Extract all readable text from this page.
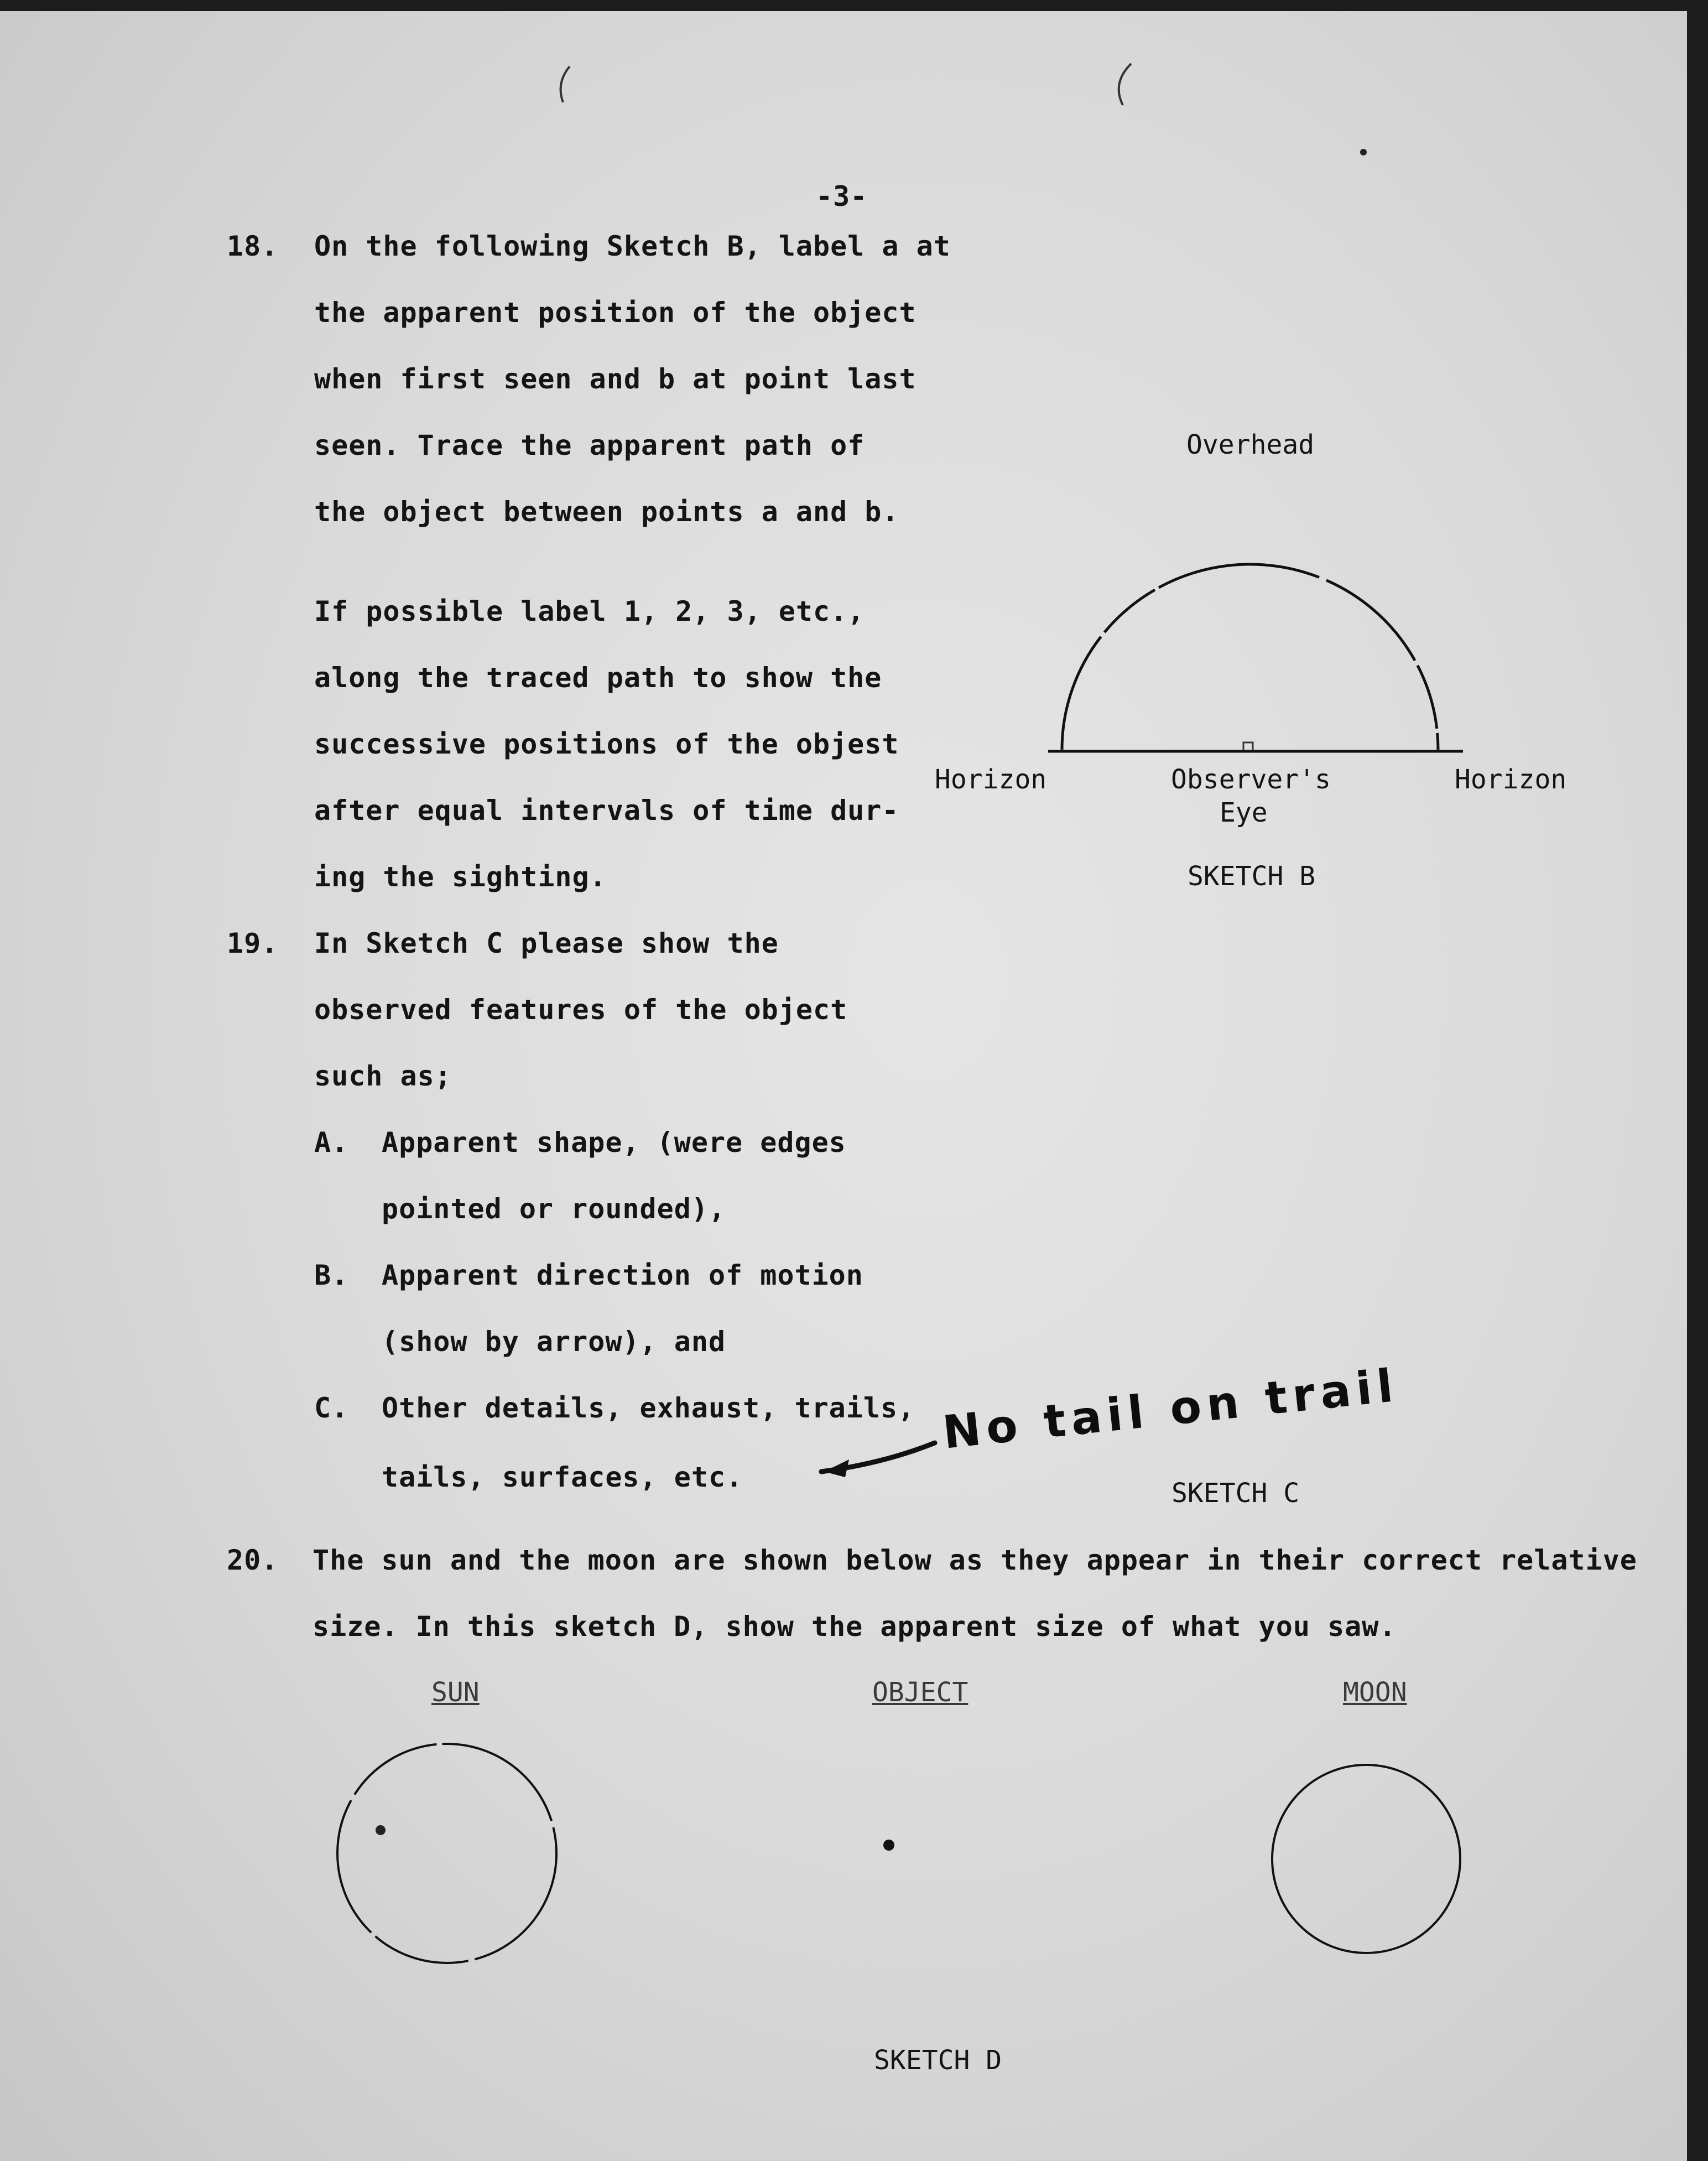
-3-
18. On the following Sketch B, label a at
the apparent position of the object
when first seen and b at point last
seen. Trace the apparent path of
the object between points a and b.
If possible label 1, 2, 3, etc.,
along the traced path to show the
successive positions of the objest
after equal intervals of time dur-
ing the sighting.
Overhead
Horizon	Observer's
Eye
Horizon
SKETCH B
19. In Sketch C please show the
observed features of the object
such as;
A. Apparent shape, (were edges
pointed or rounded),
B. Apparent direction of motion
(show by arrow), and
C. Other details, exhaust, trails,
tails, surfaces, etc.
No tail on trail
SKETCH C
20. The sun and the moon are shown below as they appear in their correct relative
size. In this sketch D, show the apparent size of what you saw.
SUN	OBJECT	MOON
SKETCH D
